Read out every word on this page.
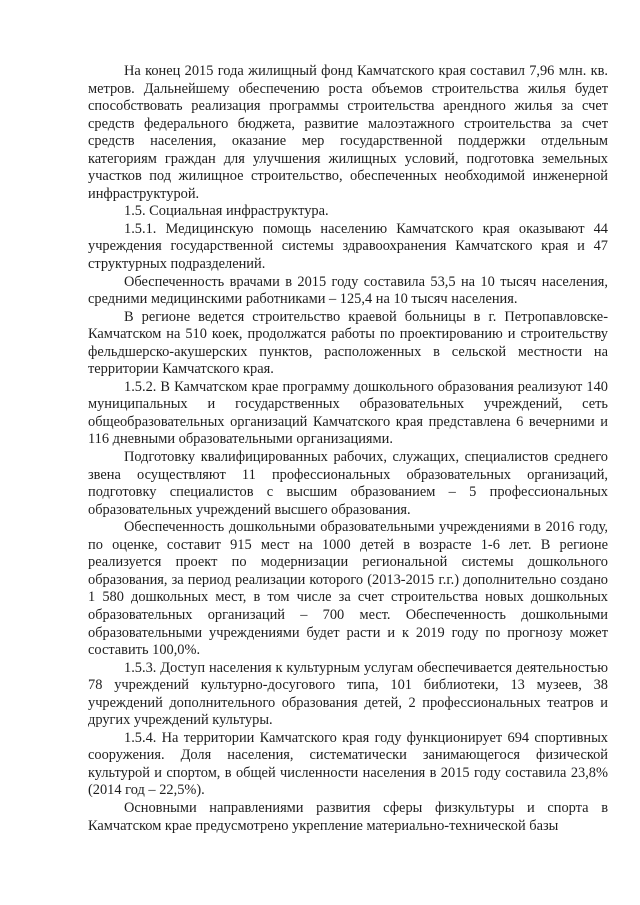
На конец 2015 года жилищный фонд Камчатского края составил 7,96 млн. кв. метров. Дальнейшему обеспечению роста объемов строительства жилья будет способствовать реализация программы строительства арендного жилья за счет средств федерального бюджета, развитие малоэтажного строительства за счет средств населения, оказание мер государственной поддержки отдельным категориям граждан для улучшения жилищных условий, подготовка земельных участков под жилищное строительство, обеспеченных необходимой инженерной инфраструктурой.

1.5. Социальная инфраструктура.

1.5.1. Медицинскую помощь населению Камчатского края оказывают 44 учреждения государственной системы здравоохранения Камчатского края и 47 структурных подразделений.

Обеспеченность врачами в 2015 году составила 53,5 на 10 тысяч населения, средними медицинскими работниками – 125,4 на 10 тысяч населения.

В регионе ведется строительство краевой больницы в г. Петропавловске-Камчатском на 510 коек, продолжатся работы по проектированию и строительству фельдшерско-акушерских пунктов, расположенных в сельской местности на территории Камчатского края.

1.5.2. В Камчатском крае программу дошкольного образования реализуют 140 муниципальных и государственных образовательных учреждений, сеть общеобразовательных организаций Камчатского края представлена 6 вечерними и 116 дневными образовательными организациями.

Подготовку квалифицированных рабочих, служащих, специалистов среднего звена осуществляют 11 профессиональных образовательных организаций, подготовку специалистов с высшим образованием – 5 профессиональных образовательных учреждений высшего образования.

Обеспеченность дошкольными образовательными учреждениями в 2016 году, по оценке, составит 915 мест на 1000 детей в возрасте 1-6 лет. В регионе реализуется проект по модернизации региональной системы дошкольного образования, за период реализации которого (2013-2015 г.г.) дополнительно создано 1 580 дошкольных мест, в том числе за счет строительства новых дошкольных образовательных организаций – 700 мест. Обеспеченность дошкольными образовательными учреждениями будет расти и к 2019 году по прогнозу может составить 100,0%.

1.5.3. Доступ населения к культурным услугам обеспечивается деятельностью 78 учреждений культурно-досугового типа, 101 библиотеки, 13 музеев, 38 учреждений дополнительного образования детей, 2 профессиональных театров и других учреждений культуры.

1.5.4. На территории Камчатского края году функционирует 694 спортивных сооружения. Доля населения, систематически занимающегося физической культурой и спортом, в общей численности населения в 2015 году составила 23,8% (2014 год – 22,5%).

Основными направлениями развития сферы физкультуры и спорта в Камчатском крае предусмотрено укрепление материально-технической базы
